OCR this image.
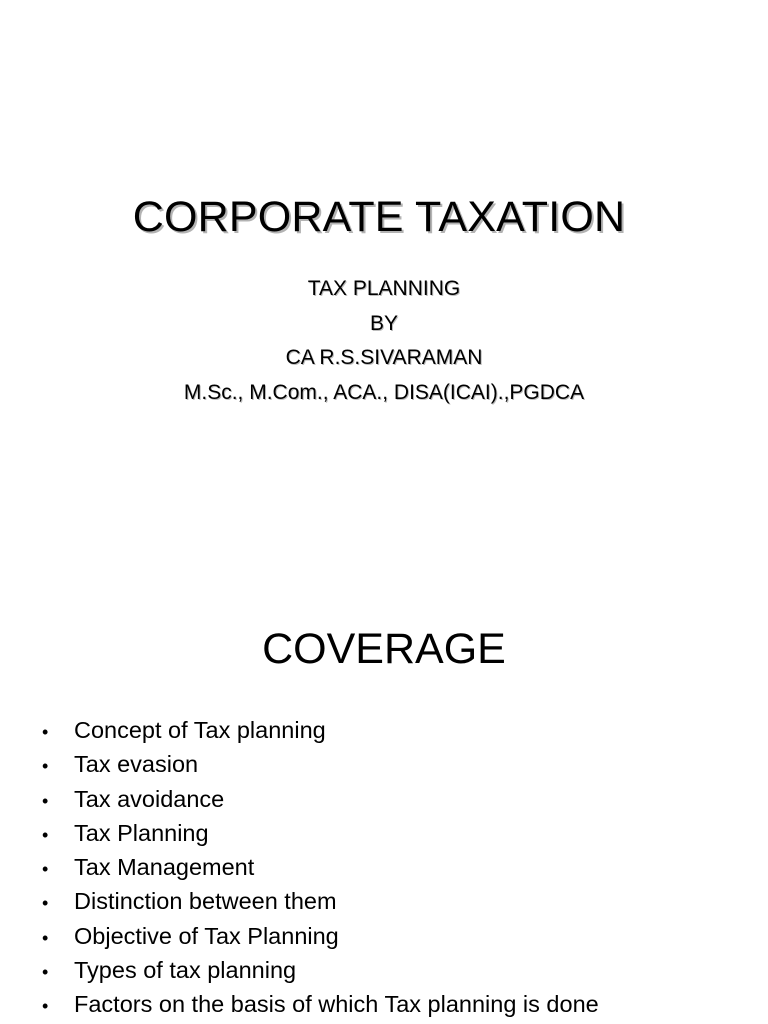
CORPORATE TAXATION
TAX PLANNING
BY
CA R.S.SIVARAMAN
M.Sc., M.Com., ACA., DISA(ICAI).,PGDCA
COVERAGE
•	Concept of Tax planning
•	Tax evasion
•	Tax avoidance
•	Tax Planning
•	Tax Management
•	Distinction between them
•	Objective of Tax Planning
•	Types of tax planning
•	Factors on the basis of which Tax planning is done
